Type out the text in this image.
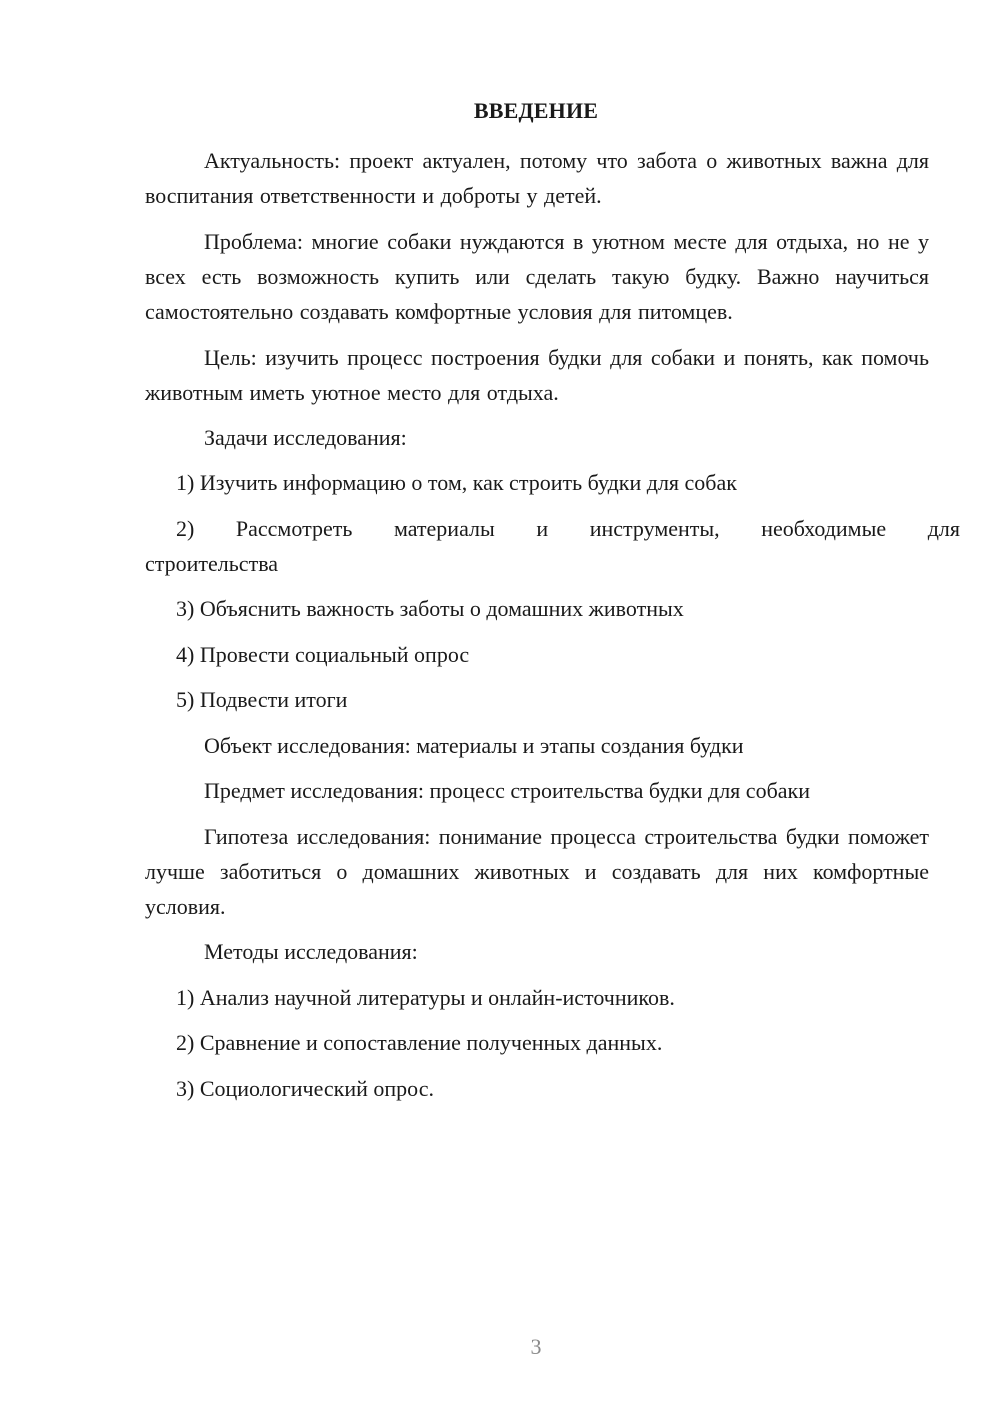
ВВЕДЕНИЕ
Актуальность: проект актуален, потому что забота о животных важна для воспитания ответственности и доброты у детей.
Проблема: многие собаки нуждаются в уютном месте для отдыха, но не у всех есть возможность купить или сделать такую будку. Важно научиться самостоятельно создавать комфортные условия для питомцев.
Цель: изучить процесс построения будки для собаки и понять, как помочь животным иметь уютное место для отдыха.
Задачи исследования:
1) Изучить информацию о том, как строить будки для собак
2) Рассмотреть материалы и инструменты, необходимые для
строительства
3) Объяснить важность заботы о домашних животных
4) Провести социальный опрос
5) Подвести итоги
Объект исследования: материалы и этапы создания будки
Предмет исследования: процесс строительства будки для собаки
Гипотеза исследования: понимание процесса строительства будки поможет лучше заботиться о домашних животных и создавать для них комфортные условия.
Методы исследования:
1) Анализ научной литературы и онлайн-источников.
2) Сравнение и сопоставление полученных данных.
3) Социологический опрос.
3
